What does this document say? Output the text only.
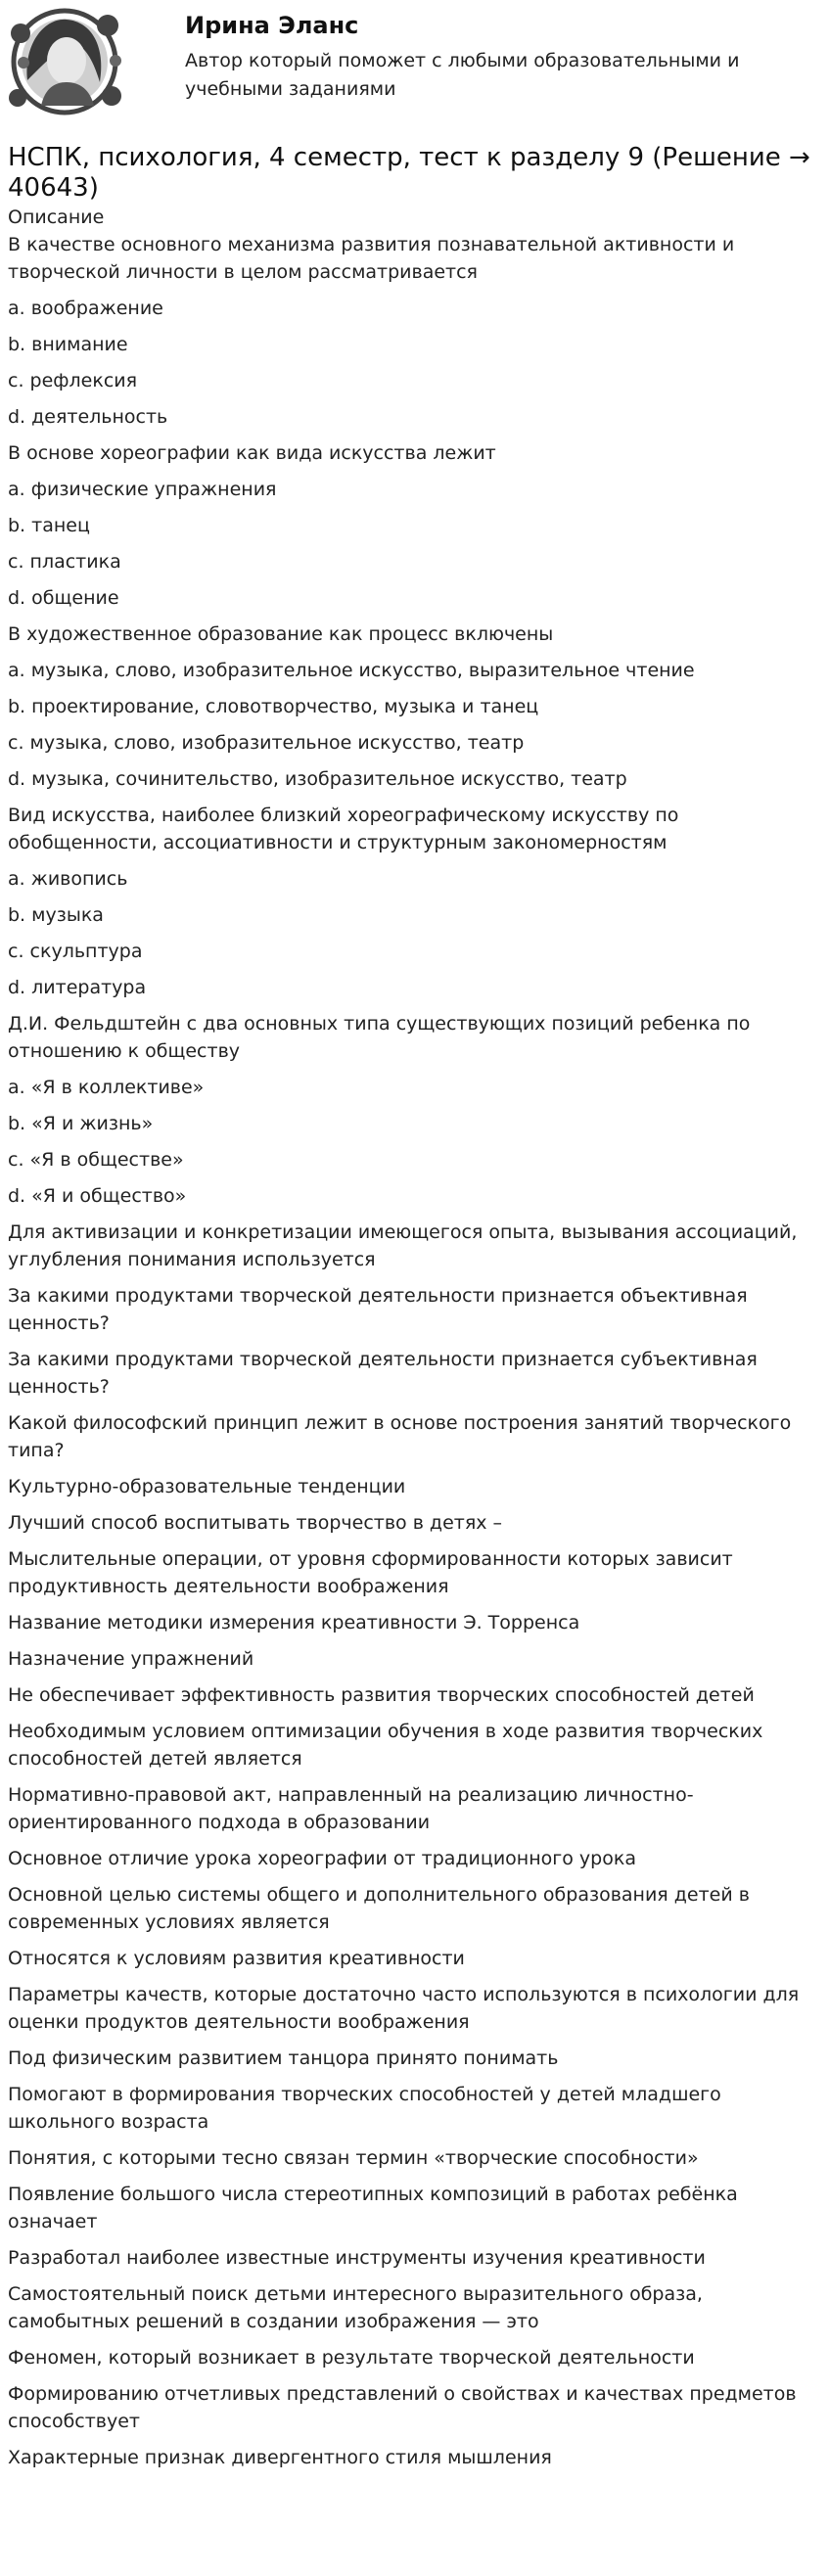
Ирина Эланс
Автор который поможет с любыми образовательными и учебными заданиями
НСПК, психология, 4 семестр, тест к разделу 9 (Решение → 40643)
Описание
В качестве основного механизма развития познавательной активности и творческой личности в целом рассматривается
a. воображение
b. внимание
c. рефлексия
d. деятельность
В основе хореографии как вида искусства лежит
a. физические упражнения
b. танец
c. пластика
d. общение
В художественное образование как процесс включены
a. музыка, слово, изобразительное искусство, выразительное чтение
b. проектирование, словотворчество, музыка и танец
c. музыка, слово, изобразительное искусство, театр
d. музыка, сочинительство, изобразительное искусство, театр
Вид искусства, наиболее близкий хореографическому искусству по обобщенности, ассоциативности и структурным закономерностям
a. живопись
b. музыка
c. скульптура
d. литература
Д.И. Фельдштейн с два основных типа существующих позиций ребенка по отношению к обществу
a. «Я в коллективе»
b. «Я и жизнь»
c. «Я в обществе»
d. «Я и общество»
Для активизации и конкретизации имеющегося опыта, вызывания ассоциаций, углубления понимания используется
За какими продуктами творческой деятельности признается объективная ценность?
За какими продуктами творческой деятельности признается субъективная ценность?
Какой философский принцип лежит в основе построения занятий творческого типа?
Культурно-образовательные тенденции
Лучший способ воспитывать творчество в детях –
Мыслительные операции, от уровня сформированности которых зависит продуктивность деятельности воображения
Название методики измерения креативности Э. Торренса
Назначение упражнений
Не обеспечивает эффективность развития творческих способностей детей
Необходимым условием оптимизации обучения в ходе развития творческих способностей детей является
Нормативно-правовой акт, направленный на реализацию личностно-ориентированного подхода в образовании
Основное отличие урока хореографии от традиционного урока
Основной целью системы общего и дополнительного образования детей в современных условиях является
Относятся к условиям развития креативности
Параметры качеств, которые достаточно часто используются в психологии для оценки продуктов деятельности воображения
Под физическим развитием танцора принято понимать
Помогают в формирования творческих способностей у детей младшего школьного возраста
Понятия, с которыми тесно связан термин «творческие способности»
Появление большого числа стереотипных композиций в работах ребёнка означает
Разработал наиболее известные инструменты изучения креативности
Самостоятельный поиск детьми интересного выразительного образа, самобытных решений в создании изображения — это
Феномен, который возникает в результате творческой деятельности
Формированию отчетливых представлений о свойствах и качествах предметов способствует
Характерные признак дивергентного стиля мышления
